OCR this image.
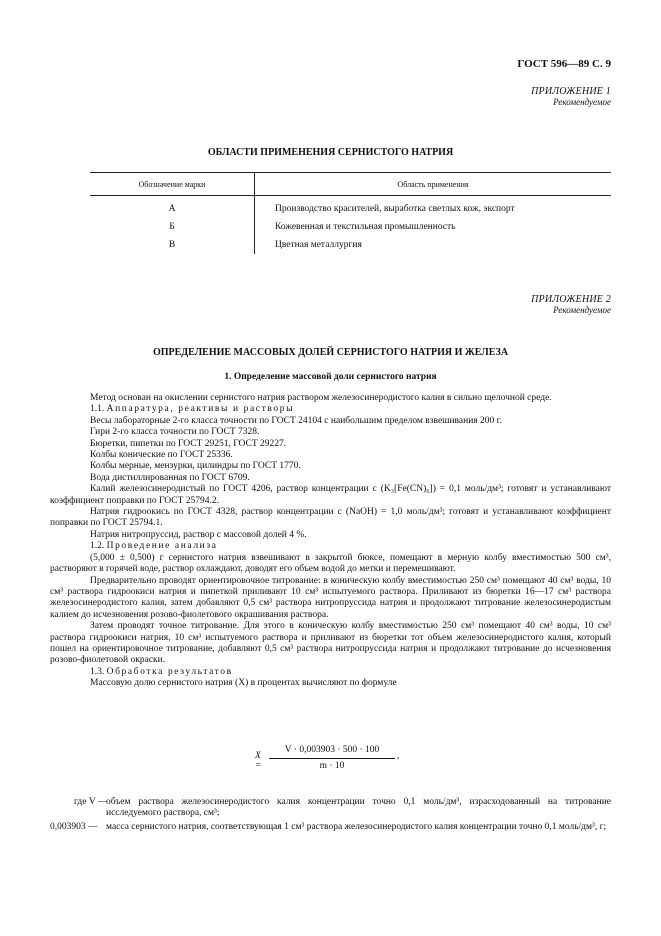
ГОСТ 596—89 С. 9
ПРИЛОЖЕНИЕ 1
Рекомендуемое
ОБЛАСТИ ПРИМЕНЕНИЯ СЕРНИСТОГО НАТРИЯ
Обозначение марки	Область применения

А	Производство красителей, выработка светлых кож, экспорт
Б	Кожевенная и текстильная промышленность
В	Цветная металлургия
ПРИЛОЖЕНИЕ 2
Рекомендуемое
ОПРЕДЕЛЕНИЕ МАССОВЫХ ДОЛЕЙ СЕРНИСТОГО НАТРИЯ И ЖЕЛЕЗА
1. Определение массовой доли сернистого натрия

Метод основан на окислении сернистого натрия раствором железосинеродистого калия в сильно щелочной среде.

1.1. Аппаратура, реактивы и растворы

Весы лабораторные 2-го класса точности по ГОСТ 24104 с наибольшим пределом взвешивания 200 г.

Гири 2-го класса точности по ГОСТ 7328.

Бюретки, пипетки по ГОСТ 29251, ГОСТ 29227.

Колбы конические по ГОСТ 25336.

Колбы мерные, мензурки, цилиндры по ГОСТ 1770.

Вода дистиллированная по ГОСТ 6709.

Калий железосинеродистый по ГОСТ 4206, раствор концентрации с (K₃[Fe(CN)₆]) = 0,1 моль/дм³; готовят и устанавливают коэффициент поправки по ГОСТ 25794.2.

Натрия гидроокись по ГОСТ 4328, раствор концентрации с (NaOH) = 1,0 моль/дм³; готовят и устанавливают коэффициент поправки по ГОСТ 25794.1.

Натрия нитропруссид, раствор с массовой долей 4 %.

1.2. Проведение анализа

(5,000 ± 0,500) г сернистого натрия взвешивают в закрытой бюксе, помещают в мерную колбу вместимостью 500 см³, растворяют в горячей воде, раствор охлаждают, доводят его объем водой до метки и перемешивают.

Предварительно проводят ориентировочное титрование: в коническую колбу вместимостью 250 см³ помещают 40 см³ воды, 10 см³ раствора гидроокиси натрия и пипеткой приливают 10 см³ испытуемого раствора. Приливают из бюретки 16—17 см³ раствора железосинеродистого калия, затем добавляют 0,5 см³ раствора нитропруссида натрия и продолжают титрование железосинеродистым калием до исчезновения розово-фиолетового окрашивания раствора.

Затем проводят точное титрование. Для этого в коническую колбу вместимостью 250 см³ помещают 40 см³ воды, 10 см³ раствора гидроокиси натрия, 10 см³ испытуемого раствора и приливают из бюретки тот объем железосинеродистого калия, который пошел на ориентировочное титрование, добавляют 0,5 см³ раствора нитропруссида натрия и продолжают титрование до исчезновения розово-фиолетовой окраски.

1.3. Обработка результатов

Массовую долю сернистого натрия (X) в процентах вычисляют по формуле

X =
V · 0,003903 · 500 · 100
m · 10
,
где V —
объем раствора железосинеродистого калия концентрации точно 0,1 моль/дм³, израсходованный на титрование исследуемого раствора, см³;
0,003903 — масса сернистого натрия, соответствующая 1 см³ раствора железосинеродистого калия концентрации точно 0,1 моль/дм³, г;
